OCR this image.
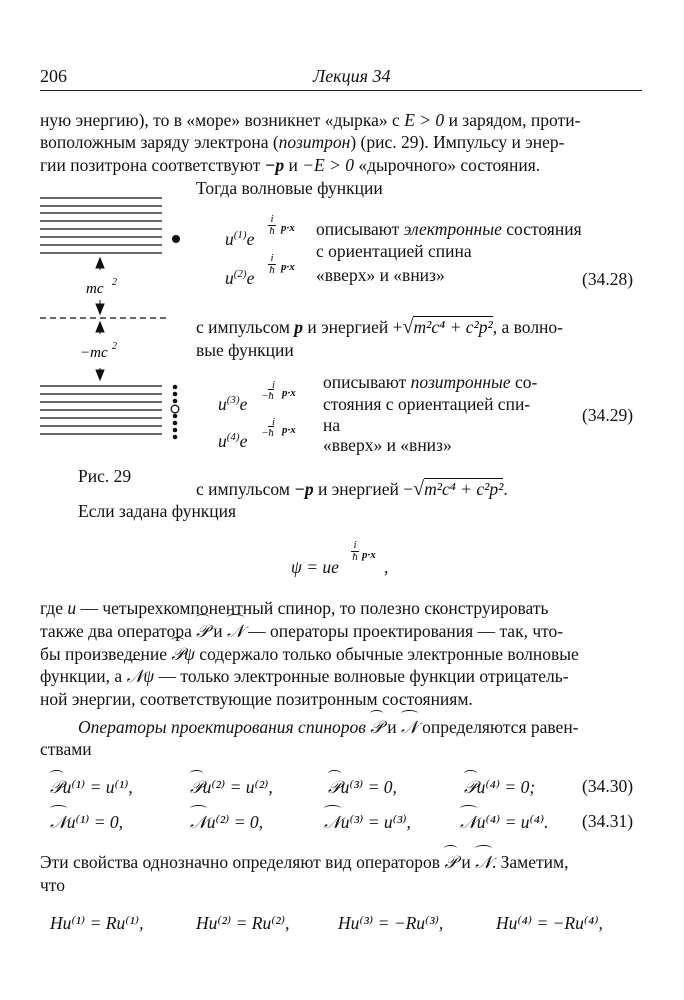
206	Лекция 34
ную энергию), то в «море» возникнет «дырка» с E > 0 и зарядом, проти-
воположным заряду электрона (позитрон) (рис. 29). Импульсу и энер-
гии позитрона соответствуют −p и −E > 0 «дырочного» состояния.
Тогда волновые функции
mc 2
−mc 2
Рис. 29
$u^{(1)}e$
i
ħ p·x
$u^{(2)}e$
i
ħ p·x
описывают электронные состояния
с ориентацией спина
«вверх» и «вниз»	(34.28)
с импульсом p и энергией +√m²c⁴ + c²p², а волно-
вые функции
$u^{(3)}e$
i
−ħ p·x
$u^{(4)}e$
i
−ħ p·x
описывают позитронные со-
стояния с ориентацией спи-
на
«вверх» и «вниз»
(34.29)
с импульсом −p и энергией −√m²c⁴ + c²p².
Если задана функция
ψ = ue
i
ħ p·x
,
где u — четырехкомпонентный спинор, то полезно сконструировать
также два оператора 𝒫 и 𝒩 — операторы проектирования — так, что-
бы произведение 𝒫ψ содержало только обычные электронные волновые
функции, а 𝒩ψ — только электронные волновые функции отрицатель-
ной энергии, соответствующие позитронным состояниям.
Операторы проектирования спиноров 𝒫 и 𝒩 определяются равен-
ствами
𝒫u⁽¹⁾ = u⁽¹⁾,	𝒫u⁽²⁾ = u⁽²⁾,	𝒫u⁽³⁾ = 0,	𝒫u⁽⁴⁾ = 0;	(34.30)
𝒩u⁽¹⁾ = 0,	𝒩u⁽²⁾ = 0,	𝒩u⁽³⁾ = u⁽³⁾,	𝒩u⁽⁴⁾ = u⁽⁴⁾. (34.31)
Эти свойства однозначно определяют вид операторов 𝒫 и 𝒩. Заметим,
что
Hu⁽¹⁾ = Ru⁽¹⁾,	Hu⁽²⁾ = Ru⁽²⁾,	Hu⁽³⁾ = −Ru⁽³⁾,	Hu⁽⁴⁾ = −Ru⁽⁴⁾,
